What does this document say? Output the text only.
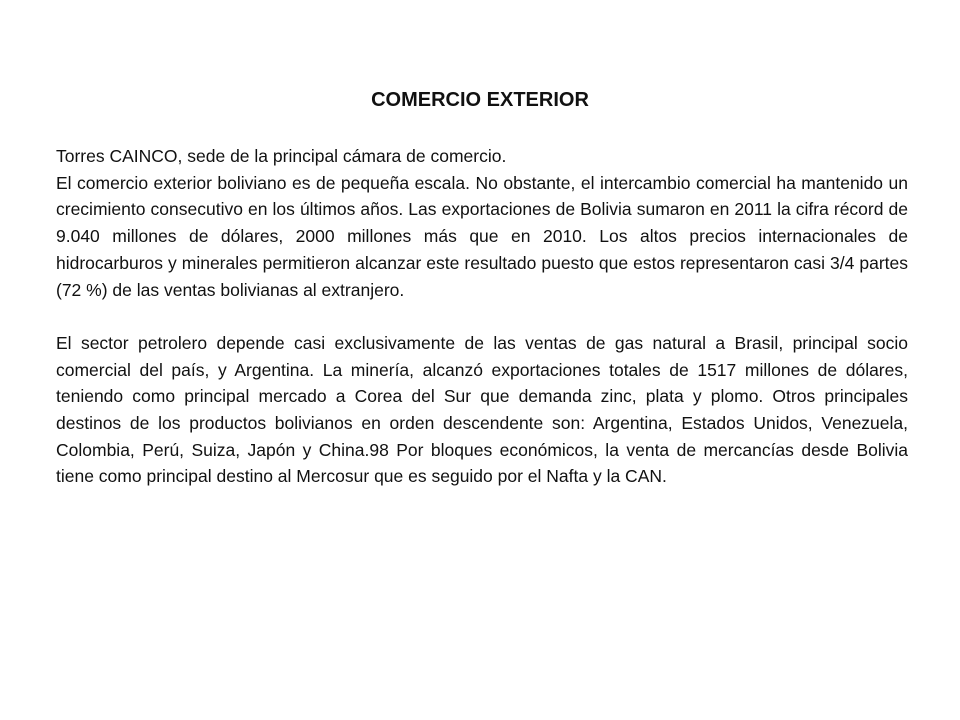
COMERCIO EXTERIOR

Torres CAINCO, sede de la principal cámara de comercio.

El comercio exterior boliviano es de pequeña escala. No obstante, el intercambio comercial ha mantenido un crecimiento consecutivo en los últimos años. Las exportaciones de Bolivia sumaron en 2011 la cifra récord de 9.040 millones de dólares, 2000 millones más que en 2010. Los altos precios internacionales de hidrocarburos y minerales permitieron alcanzar este resultado puesto que estos representaron casi 3/4 partes (72 %) de las ventas bolivianas al extranjero.

El sector petrolero depende casi exclusivamente de las ventas de gas natural a Brasil, principal socio comercial del país, y Argentina. La minería, alcanzó exportaciones totales de 1517 millones de dólares, teniendo como principal mercado a Corea del Sur que demanda zinc, plata y plomo. Otros principales destinos de los productos bolivianos en orden descendente son: Argentina, Estados Unidos, Venezuela, Colombia, Perú, Suiza, Japón y China.98 Por bloques económicos, la venta de mercancías desde Bolivia tiene como principal destino al Mercosur que es seguido por el Nafta y la CAN.
